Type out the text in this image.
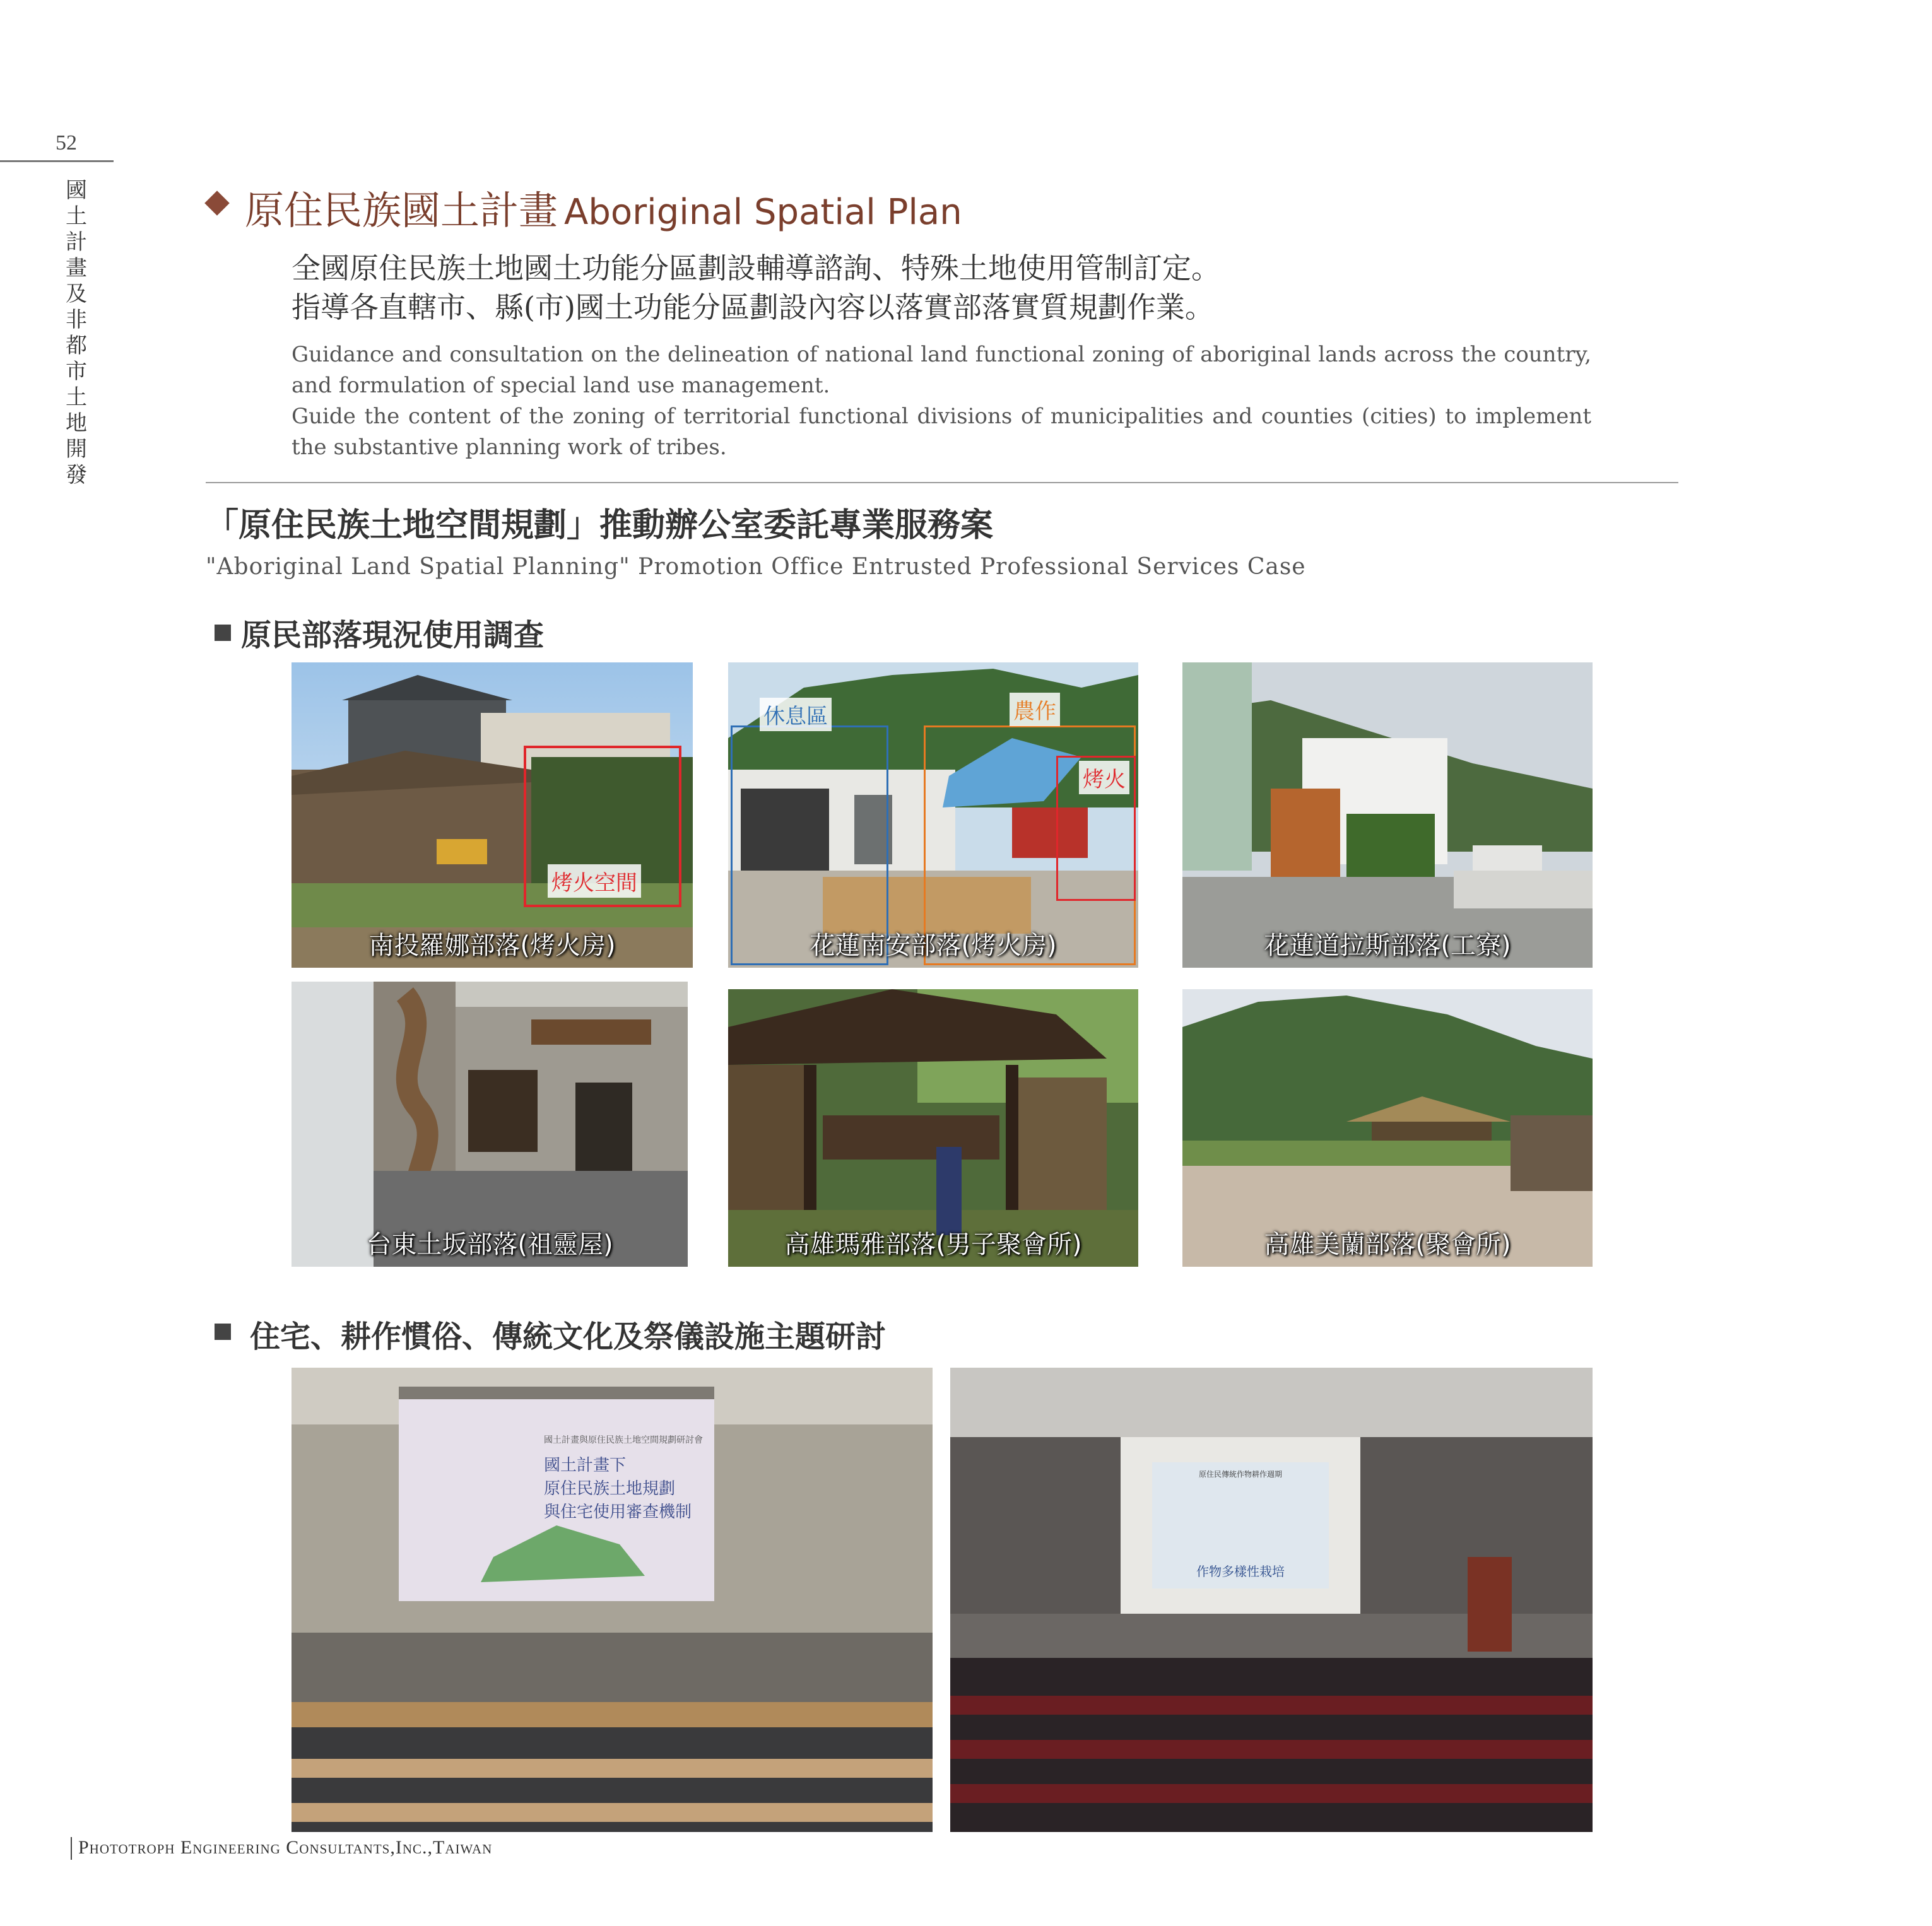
52
國土計畫及非都市土地開發
原住民族國土計畫 Aboriginal Spatial Plan
全國原住民族土地國土功能分區劃設輔導諮詢、特殊土地使用管制訂定。
指導各直轄市、縣(市)國土功能分區劃設內容以落實部落實質規劃作業。
Guidance and consultation on the delineation of national land functional zoning of aboriginal lands across the country, and formulation of special land use management.
Guide the content of the zoning of territorial functional divisions of municipalities and counties (cities) to implement the substantive planning work of tribes.
「原住民族土地空間規劃」推動辦公室委託專業服務案
"Aboriginal Land Spatial Planning" Promotion Office Entrusted Professional Services Case
原民部落現況使用調查
烤火空間
南投羅娜部落(烤火房)
休息區	農作
烤火
花蓮南安部落(烤火房)	花蓮道拉斯部落(工寮)
台東土坂部落(祖靈屋)	高雄瑪雅部落(男子聚會所)	高雄美蘭部落(聚會所)
住宅、耕作慣俗、傳統文化及祭儀設施主題研討
國土計畫與原住民族土地空間規劃研討會
國土計畫下
原住民族土地規劃
與住宅使用審查機制
原住民傳統作物耕作週期
作物多樣性栽培
Phototroph Engineering Consultants,Inc.,Taiwan
